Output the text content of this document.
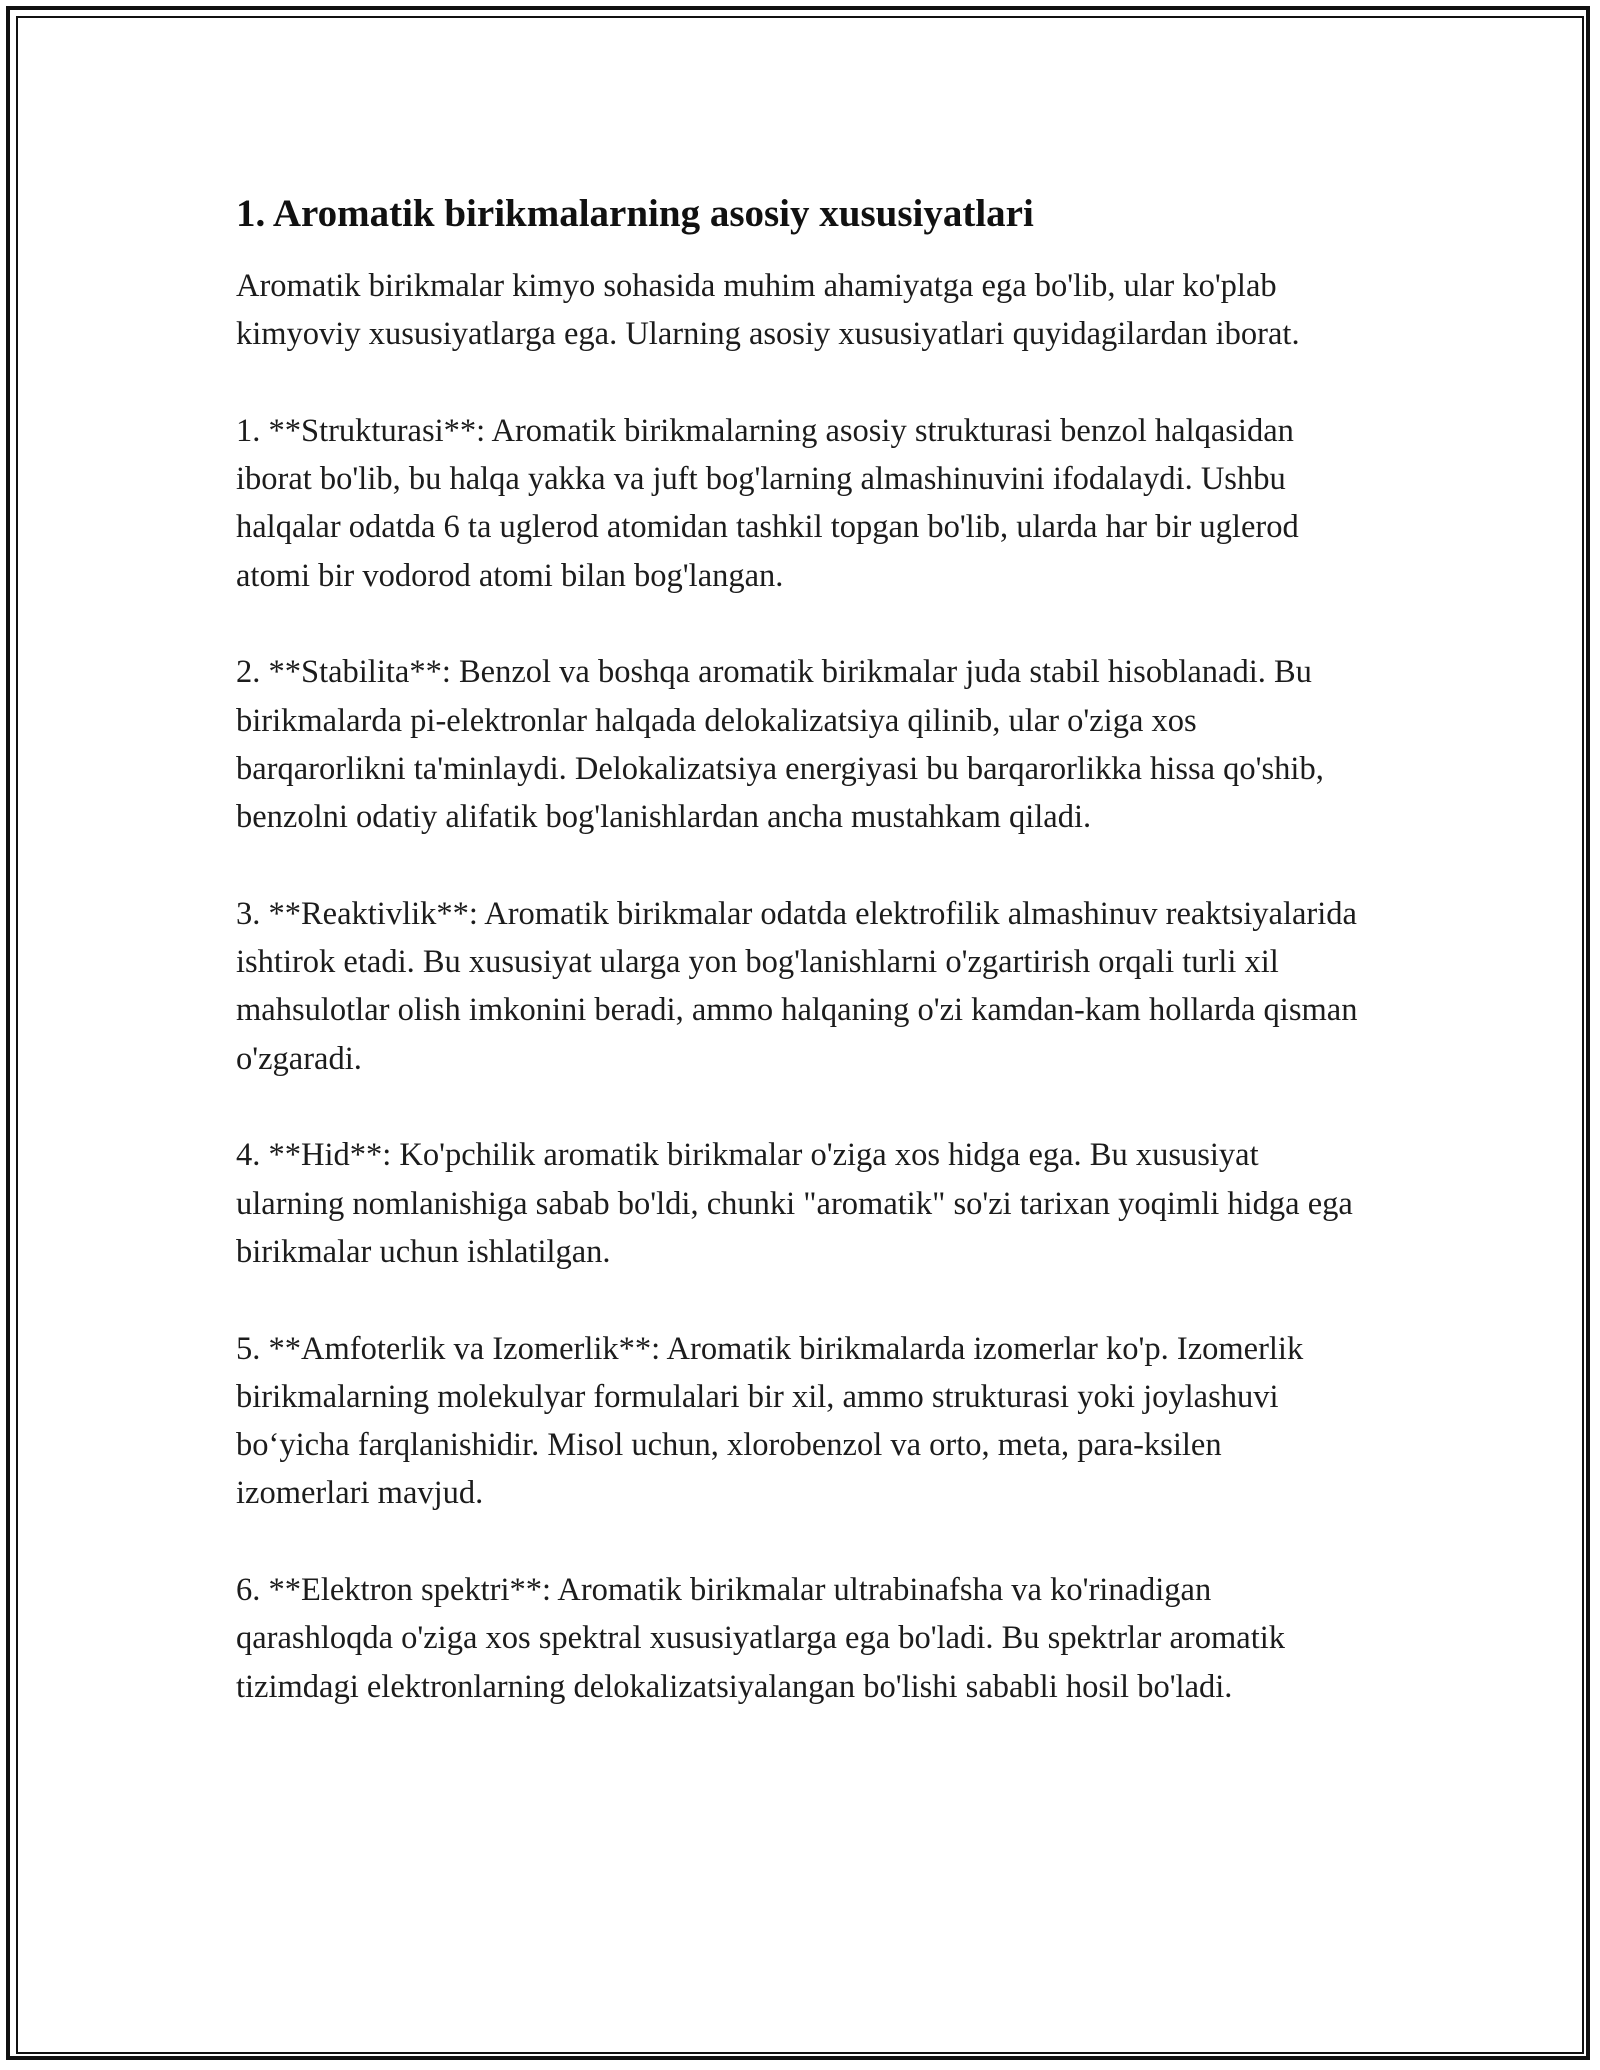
1. Aromatik birikmalarning asosiy xususiyatlari

Aromatik birikmalar kimyo sohasida muhim ahamiyatga ega bo'lib, ular ko'plab kimyoviy xususiyatlarga ega. Ularning asosiy xususiyatlari quyidagilardan iborat.

1. **Strukturasi**: Aromatik birikmalarning asosiy strukturasi benzol halqasidan iborat bo'lib, bu halqa yakka va juft bog'larning almashinuvini ifodalaydi. Ushbu halqalar odatda 6 ta uglerod atomidan tashkil topgan bo'lib, ularda har bir uglerod atomi bir vodorod atomi bilan bog'langan.

2. **Stabilita**: Benzol va boshqa aromatik birikmalar juda stabil hisoblanadi. Bu birikmalarda pi-elektronlar halqada delokalizatsiya qilinib, ular o'ziga xos barqarorlikni ta'minlaydi. Delokalizatsiya energiyasi bu barqarorlikka hissa qo'shib, benzolni odatiy alifatik bog'lanishlardan ancha mustahkam qiladi.

3. **Reaktivlik**: Aromatik birikmalar odatda elektrofilik almashinuv reaktsiyalarida ishtirok etadi. Bu xususiyat ularga yon bog'lanishlarni o'zgartirish orqali turli xil mahsulotlar olish imkonini beradi, ammo halqaning o'zi kamdan-kam hollarda qisman o'zgaradi.

4. **Hid**: Ko'pchilik aromatik birikmalar o'ziga xos hidga ega. Bu xususiyat ularning nomlanishiga sabab bo'ldi, chunki "aromatik" so'zi tarixan yoqimli hidga ega birikmalar uchun ishlatilgan.

5. **Amfoterlik va Izomerlik**: Aromatik birikmalarda izomerlar ko'p. Izomerlik birikmalarning molekulyar formulalari bir xil, ammo strukturasi yoki joylashuvi bo‘yicha farqlanishidir. Misol uchun, xlorobenzol va orto, meta, para-ksilen izomerlari mavjud.

6. **Elektron spektri**: Aromatik birikmalar ultrabinafsha va ko'rinadigan qarashloqda o'ziga xos spektral xususiyatlarga ega bo'ladi. Bu spektrlar aromatik tizimdagi elektronlarning delokalizatsiyalangan bo'lishi sababli hosil bo'ladi.
